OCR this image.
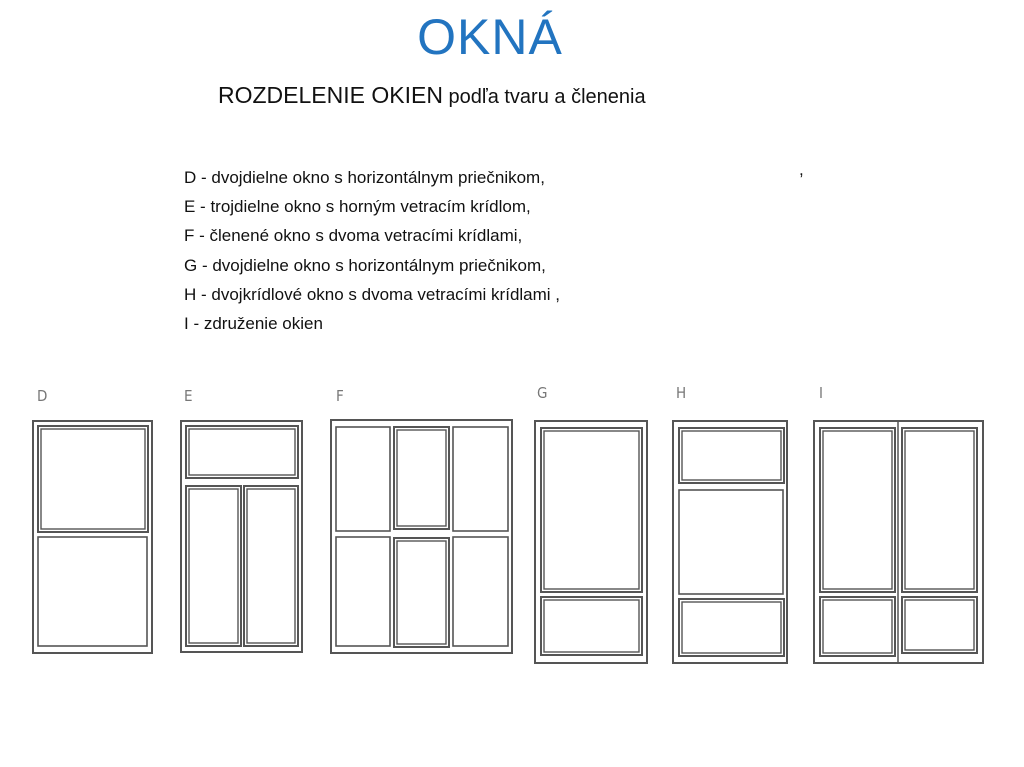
OKNÁ
ROZDELENIE OKIEN podľa tvaru a členenia
D - dvojdielne okno s horizontálnym priečnikom,
E - trojdielne okno s horným vetracím krídlom,
F - členené okno s dvoma vetracími krídlami,
G - dvojdielne okno s horizontálnym priečnikom,
H - dvojkrídlové okno s dvoma vetracími krídlami ,
I - združenie okien
,
D	E	F	G	H	I
